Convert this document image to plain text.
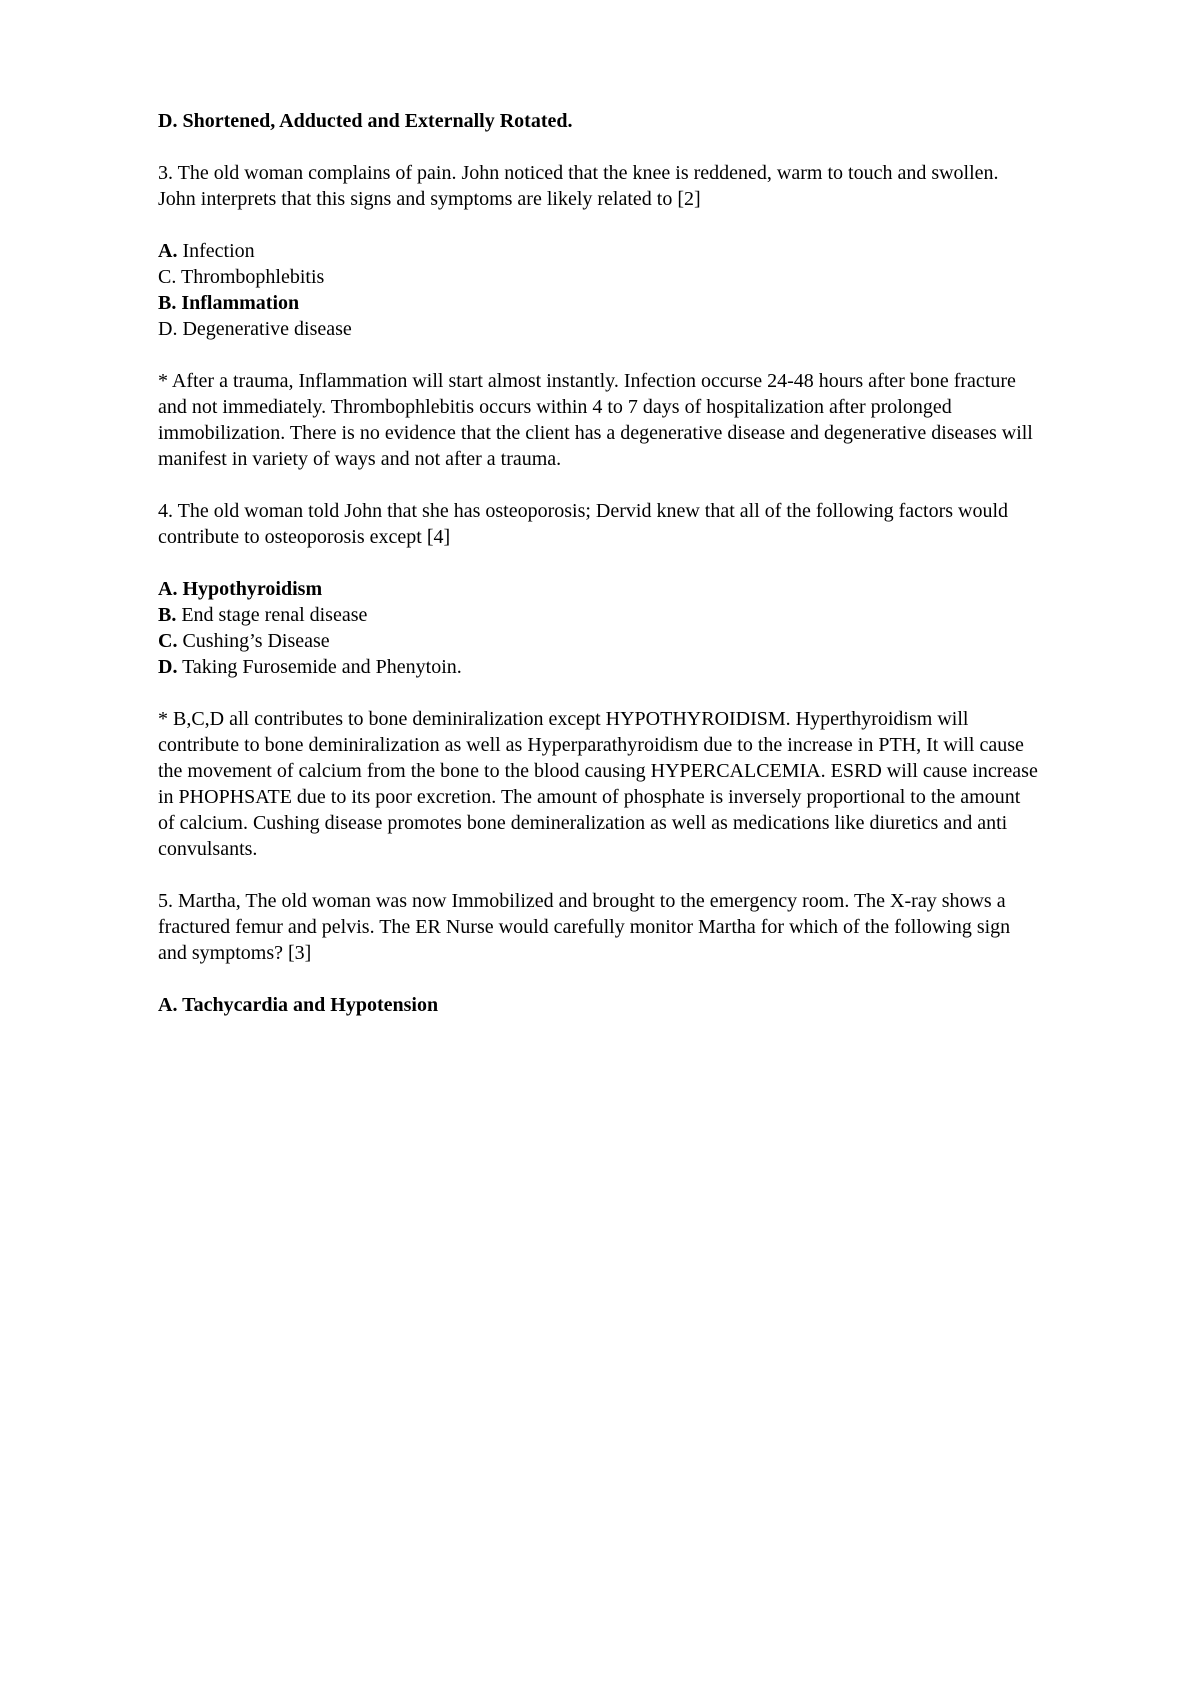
D. Shortened, Adducted and Externally Rotated.
3. The old woman complains of pain. John noticed that the knee is reddened, warm to touch and swollen. John interprets that this signs and symptoms are likely related to [2]
A. Infection
C. Thrombophlebitis
B. Inflammation
D. Degenerative disease
* After a trauma, Inflammation will start almost instantly. Infection occurse 24-48 hours after bone fracture and not immediately. Thrombophlebitis occurs within 4 to 7 days of hospitalization after prolonged immobilization. There is no evidence that the client has a degenerative disease and degenerative diseases will manifest in variety of ways and not after a trauma.
4. The old woman told John that she has osteoporosis; Dervid knew that all of the following factors would contribute to osteoporosis except [4]
A. Hypothyroidism
B. End stage renal disease
C. Cushing’s Disease
D. Taking Furosemide and Phenytoin.
* B,C,D all contributes to bone deminiralization except HYPOTHYROIDISM. Hyperthyroidism will contribute to bone deminiralization as well as Hyperparathyroidism due to the increase in PTH, It will cause the movement of calcium from the bone to the blood causing HYPERCALCEMIA. ESRD will cause increase in PHOPHSATE due to its poor excretion. The amount of phosphate is inversely proportional to the amount of calcium. Cushing disease promotes bone demineralization as well as medications like diuretics and anti convulsants.
5. Martha, The old woman was now Immobilized and brought to the emergency room. The X-ray shows a fractured femur and pelvis. The ER Nurse would carefully monitor Martha for which of the following sign and symptoms? [3]
A. Tachycardia and Hypotension
